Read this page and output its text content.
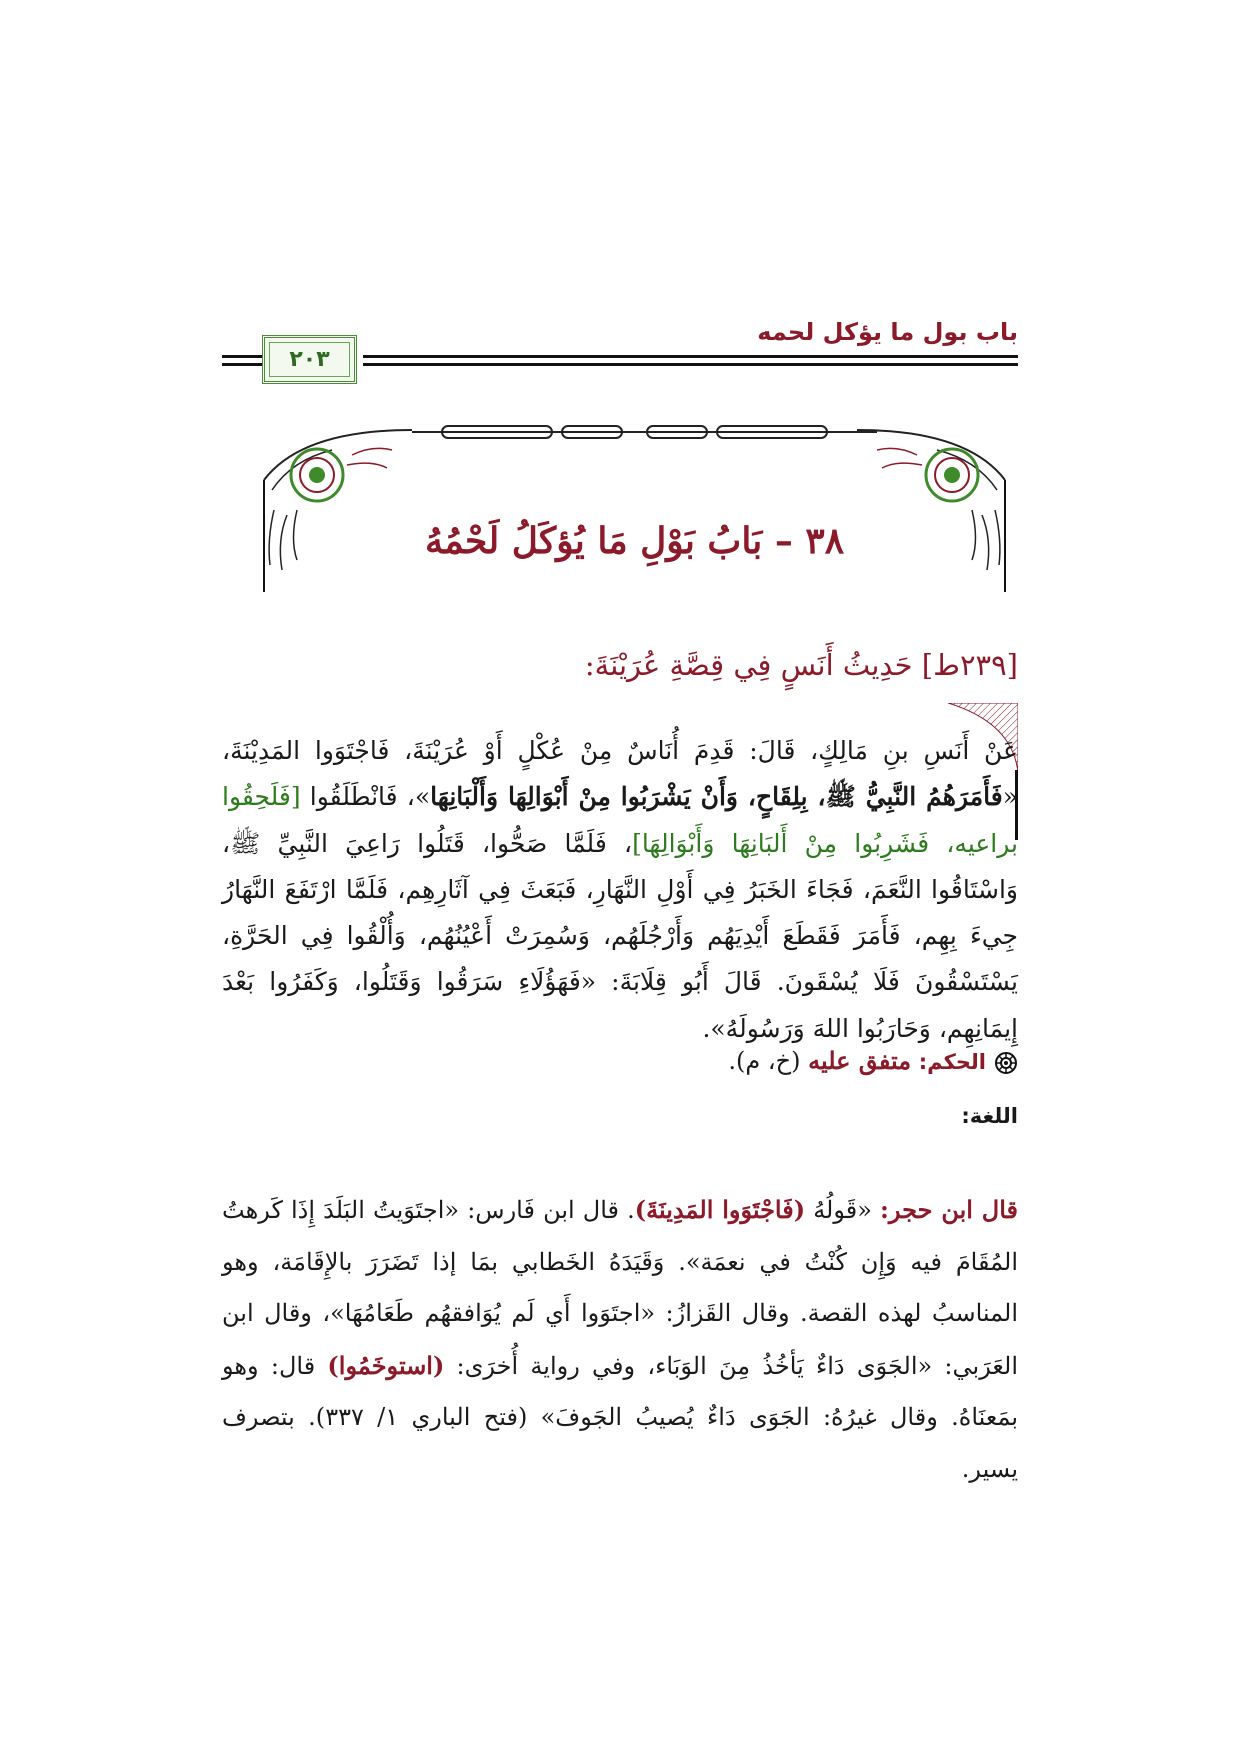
باب بول ما يؤكل لحمه
٢٠٣
٣٨ – بَابُ بَوْلِ مَا يُؤكَلُ لَحْمُهُ
[٢٣٩ط] حَدِيثُ أَنَسٍ فِي قِصَّةِ عُرَيْنَةَ:
عَنْ أَنَسِ بنِ مَالِكٍ، قَالَ: قَدِمَ أُنَاسٌ مِنْ عُكْلٍ أَوْ عُرَيْنَةَ، فَاجْتَوَوا المَدِيْنَةَ، «فَأَمَرَهُمُ النَّبِيُّ ﷺ، بِلِقَاحٍ، وَأَنْ يَشْرَبُوا مِنْ أَبْوَالِهَا وَأَلْبَانِهَا»، فَانْطَلَقُوا [فَلَحِقُوا براعيه، فَشَرِبُوا مِنْ أَلبَانِهَا وَأَبْوَالِهَا]، فَلَمَّا صَحُّوا، قَتَلُوا رَاعِيَ النَّبِيِّ ﷺ، وَاسْتَاقُوا النَّعَمَ، فَجَاءَ الخَبَرُ فِي أَوْلِ النَّهَارِ، فَبَعَثَ فِي آثَارِهِم، فَلَمَّا ارْتَفَعَ النَّهَارُ جِيءَ بِهِم، فَأَمَرَ فَقَطَعَ أَيْدِيَهُم وَأَرْجُلَهُم، وَسُمِرَتْ أَعْيُنُهُم، وَأُلْقُوا فِي الحَرَّةِ، يَسْتَسْقُونَ فَلَا يُسْقَونَ. قَالَ أَبُو قِلَابَةَ: «فَهَؤُلَاءِ سَرَقُوا وَقَتَلُوا، وَكَفَرُوا بَعْدَ إِيمَانِهِم، وَحَارَبُوا اللهَ وَرَسُولَهُ».
الحكم: متفق عليه (خ، م).
اللغة:
قال ابن حجر: «قَولُهُ (فَاجْتَوَوا المَدِينَةَ). قال ابن فَارس: «اجتَوَيتُ البَلَدَ إِذَا كَرهتُ المُقَامَ فيه وَإِن كُنْتُ في نعمَة». وَقَيَدَهُ الخَطابي بمَا إذا تَضَرَرَ بالإِقَامَة، وهو المناسبُ لهذه القصة. وقال القَزازُ: «اجتَوَوا أَي لَم يُوَافقهُم طَعَامُهَا»، وقال ابن العَرَبي: «الجَوَى دَاءٌ يَأخُذُ مِنَ الوَبَاء، وفي رواية أُخرَى: (استوخَمُوا) قال: وهو بمَعنَاهُ. وقال غيرُهُ: الجَوَى دَاءٌ يُصيبُ الجَوفَ» (فتح الباري ١/ ٣٣٧). بتصرف يسير.
